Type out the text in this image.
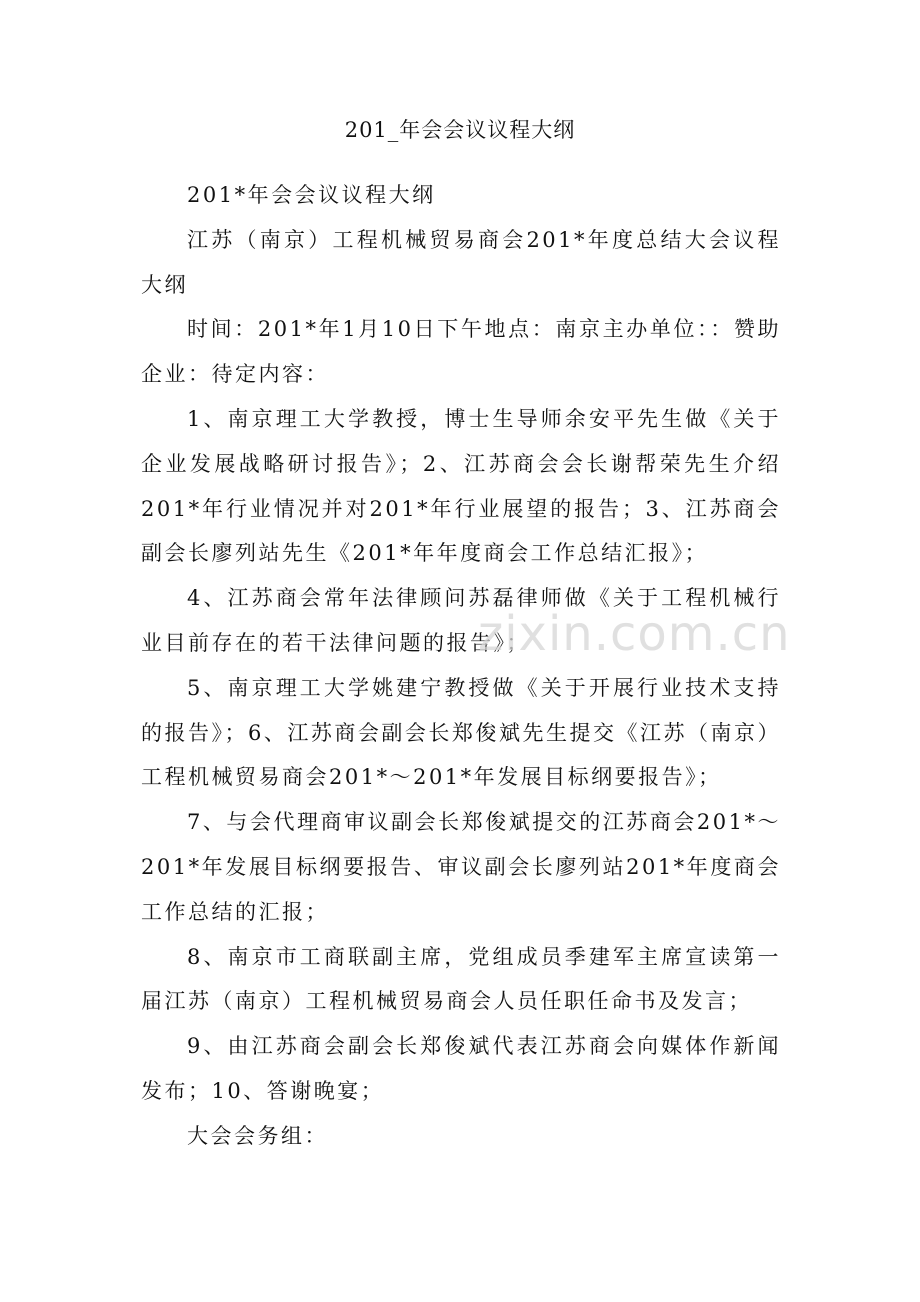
201_年会会议议程大纲

201*年会会议议程大纲

江苏（南京）工程机械贸易商会201*年度总结大会议程大纲

时间：201*年1月10日下午地点：南京主办单位：：赞助企业：待定内容：

1、南京理工大学教授，博士生导师余安平先生做《关于企业发展战略研讨报告》；2、江苏商会会长谢帮荣先生介绍201*年行业情况并对201*年行业展望的报告；3、江苏商会副会长廖列站先生《201*年年度商会工作总结汇报》；

4、江苏商会常年法律顾问苏磊律师做《关于工程机械行业目前存在的若干法律问题的报告》；

5、南京理工大学姚建宁教授做《关于开展行业技术支持的报告》；6、江苏商会副会长郑俊斌先生提交《江苏（南京）工程机械贸易商会201*～201*年发展目标纲要报告》；

7、与会代理商审议副会长郑俊斌提交的江苏商会201*～201*年发展目标纲要报告、审议副会长廖列站201*年度商会工作总结的汇报；

8、南京市工商联副主席，党组成员季建军主席宣读第一届江苏（南京）工程机械贸易商会人员任职任命书及发言；

9、由江苏商会副会长郑俊斌代表江苏商会向媒体作新闻发布；10、答谢晚宴；

大会会务组：

zixin.com.cn
